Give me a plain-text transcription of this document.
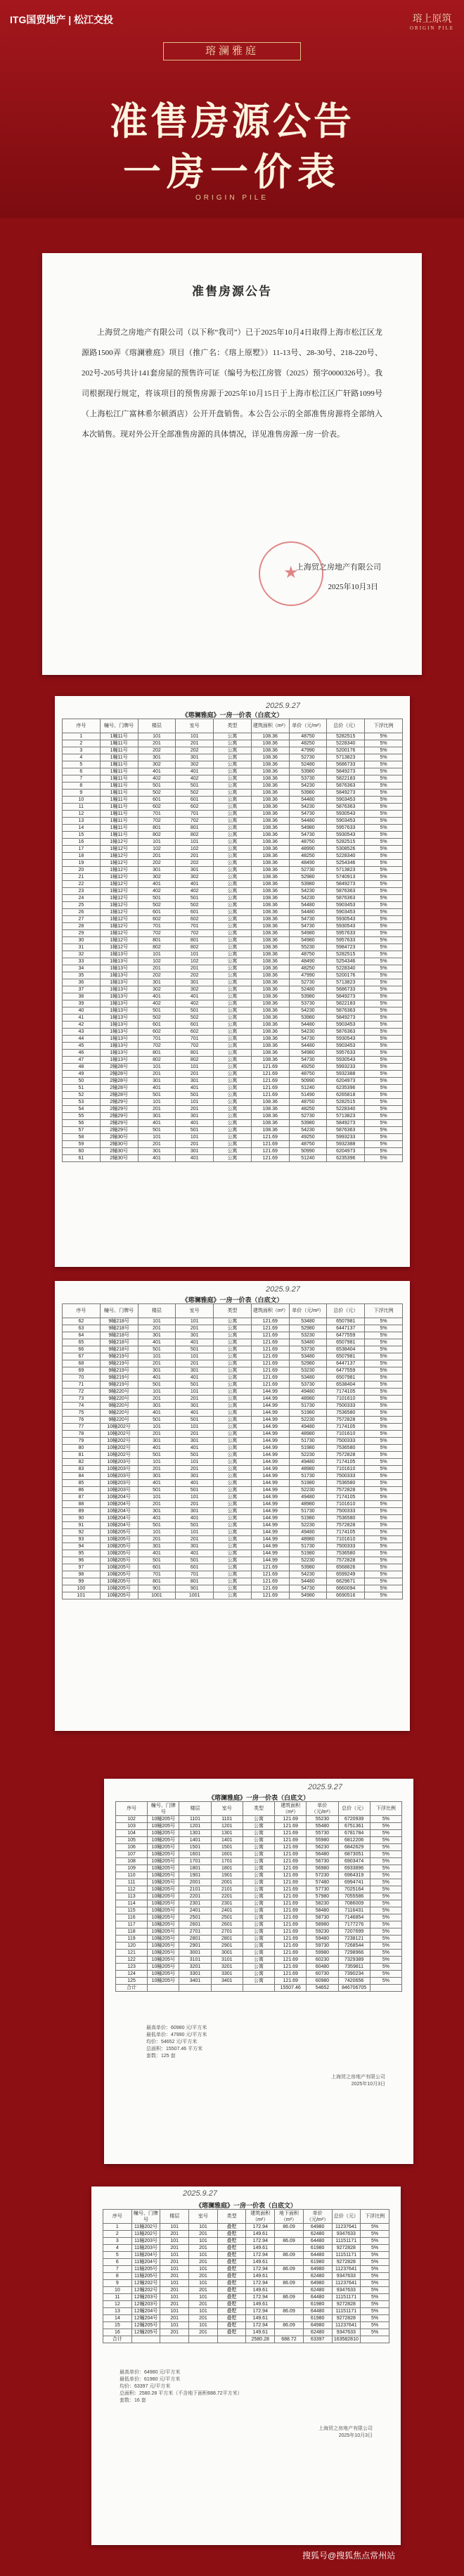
ITG国贸地产 | 松江交投	瑢上原筑
ORIGIN PILE
瑢澜雅庭
准售房源公告
一房一价表
ORIGIN PILE
准售房源公告

上海贸之房地产有限公司（以下称“我司”）已于2025年10月4日取得上海市松江区龙源路1500弄《瑢澜雅庭》项目（推广名：《瑢上原墅》）11-13号、28-30号、218-220号、202号-205号共计141套房屋的预售许可证（编号为松江房管（2025）预字0000326号）。我司根据现行规定，将该项目的预售房源于2025年10月15日于上海市松江区广轩路1099号（上海松江广富林希尔顿酒店）公开开盘销售。本公告公示的全部准售房源将全部纳入本次销售。现对外公开全部准售房源的具体情况，详见准售房源一房一价表。

★
上海贸之房地产有限公司
2025年10月3日
2025.9.27
《瑢澜雅庭》一房一价表（白底文）
序号	幢号、门牌号	楼层	室号	类型	建筑面积（m²）	单价（元/m²）	总价（元）	下浮比例
1	1幢11号	101	101	公寓	108.36	48750	5282515	5%
2	1幢11号	201	201	公寓	108.36	48250	5228340	5%
3	1幢11号	202	202	公寓	108.36	47990	5200176	5%
4	1幢11号	301	301	公寓	108.36	52730	5713823	5%
5	1幢11号	302	302	公寓	108.36	52480	5686733	5%
6	1幢11号	401	401	公寓	108.36	53980	5849273	5%
7	1幢11号	402	402	公寓	108.36	53730	5822183	5%
8	1幢11号	501	501	公寓	108.36	54230	5876363	5%
9	1幢11号	502	502	公寓	108.36	53980	5849273	5%
10	1幢11号	601	601	公寓	108.36	54480	5903453	5%
11	1幢11号	602	602	公寓	108.36	54230	5876363	5%
12	1幢11号	701	701	公寓	108.36	54730	5930543	5%
13	1幢11号	702	702	公寓	108.36	54480	5903453	5%
14	1幢11号	801	801	公寓	108.36	54980	5957633	5%
15	1幢11号	802	802	公寓	108.36	54730	5930543	5%
16	1幢12号	101	101	公寓	108.36	48750	5282515	5%
17	1幢12号	102	102	公寓	108.36	48990	5308526	5%
18	1幢12号	201	201	公寓	108.36	48250	5228340	5%
19	1幢12号	202	202	公寓	108.36	48490	5254346	5%
20	1幢12号	301	301	公寓	108.36	52730	5713823	5%
21	1幢12号	302	302	公寓	108.36	52980	5740913	5%
22	1幢12号	401	401	公寓	108.36	53980	5849273	5%
23	1幢12号	402	402	公寓	108.36	54230	5876363	5%
24	1幢12号	501	501	公寓	108.36	54230	5876363	5%
25	1幢12号	502	502	公寓	108.36	54480	5903453	5%
26	1幢12号	601	601	公寓	108.36	54480	5903453	5%
27	1幢12号	602	602	公寓	108.36	54730	5930543	5%
28	1幢12号	701	701	公寓	108.36	54730	5930543	5%
29	1幢12号	702	702	公寓	108.36	54980	5957633	5%
30	1幢12号	801	801	公寓	108.36	54980	5957633	5%
31	1幢12号	802	802	公寓	108.36	55230	5984723	5%
32	1幢13号	101	101	公寓	108.36	48750	5282515	5%
33	1幢13号	102	102	公寓	108.36	48490	5254346	5%
34	1幢13号	201	201	公寓	108.36	48250	5228340	5%
35	1幢13号	202	202	公寓	108.36	47990	5200176	5%
36	1幢13号	301	301	公寓	108.36	52730	5713823	5%
37	1幢13号	302	302	公寓	108.36	52480	5686733	5%
38	1幢13号	401	401	公寓	108.36	53980	5849273	5%
39	1幢13号	402	402	公寓	108.36	53730	5822183	5%
40	1幢13号	501	501	公寓	108.36	54230	5876363	5%
41	1幢13号	502	502	公寓	108.36	53980	5849273	5%
42	1幢13号	601	601	公寓	108.36	54480	5903453	5%
43	1幢13号	602	602	公寓	108.36	54230	5876363	5%
44	1幢13号	701	701	公寓	108.36	54730	5930543	5%
45	1幢13号	702	702	公寓	108.36	54480	5903453	5%
46	1幢13号	801	801	公寓	108.36	54980	5957633	5%
47	1幢13号	802	802	公寓	108.36	54730	5930543	5%
48	2幢28号	101	101	公寓	121.69	49250	5993233	5%
49	2幢28号	201	201	公寓	121.69	48750	5932388	5%
50	2幢28号	301	301	公寓	121.69	50990	6204973	5%
51	2幢28号	401	401	公寓	121.69	51240	6235396	5%
52	2幢28号	501	501	公寓	121.69	51490	6265818	5%
53	2幢29号	101	101	公寓	108.36	48750	5282515	5%
54	2幢29号	201	201	公寓	108.36	48250	5228340	5%
55	2幢29号	301	301	公寓	108.36	52730	5713823	5%
56	2幢29号	401	401	公寓	108.36	53980	5849273	5%
57	2幢29号	501	501	公寓	108.36	54230	5876363	5%
58	2幢30号	101	101	公寓	121.69	49250	5993233	5%
59	2幢30号	201	201	公寓	121.69	48750	5932388	5%
60	2幢30号	301	301	公寓	121.69	50990	6204973	5%
61	2幢30号	401	401	公寓	121.69	51240	6235396	5%
2025.9.27
《瑢澜雅庭》一房一价表（白底文）
序号	幢号、门牌号	楼层	室号	类型	建筑面积（m²）	单价（元/m²）	总价（元）	下浮比例
62	9幢218号	101	101	公寓	121.69	53480	6507981	5%
63	9幢218号	201	201	公寓	121.69	52980	6447137	5%
64	9幢218号	301	301	公寓	121.69	53230	6477559	5%
65	9幢218号	401	401	公寓	121.69	53480	6507981	5%
66	9幢218号	501	501	公寓	121.69	53730	6538404	5%
67	9幢219号	101	101	公寓	121.69	53480	6507981	5%
68	9幢219号	201	201	公寓	121.69	52980	6447137	5%
69	9幢219号	301	301	公寓	121.69	53230	6477559	5%
70	9幢219号	401	401	公寓	121.69	53480	6507981	5%
71	9幢219号	501	501	公寓	121.69	53730	6538404	5%
72	9幢220号	101	101	公寓	144.99	49480	7174105	5%
73	9幢220号	201	201	公寓	144.99	48980	7101610	5%
74	9幢220号	301	301	公寓	144.99	51730	7500333	5%
75	9幢220号	401	401	公寓	144.99	51980	7536580	5%
76	9幢220号	501	501	公寓	144.99	52230	7572828	5%
77	10幢202号	101	101	公寓	144.99	49480	7174105	5%
78	10幢202号	201	201	公寓	144.99	48980	7101610	5%
79	10幢202号	301	301	公寓	144.99	51730	7500333	5%
80	10幢202号	401	401	公寓	144.99	51980	7536580	5%
81	10幢202号	501	501	公寓	144.99	52230	7572828	5%
82	10幢203号	101	101	公寓	144.99	49480	7174105	5%
83	10幢203号	201	201	公寓	144.99	48980	7101610	5%
84	10幢203号	301	301	公寓	144.99	51730	7500333	5%
85	10幢203号	401	401	公寓	144.99	51980	7536580	5%
86	10幢203号	501	501	公寓	144.99	52230	7572828	5%
87	10幢204号	101	101	公寓	144.99	49480	7174105	5%
88	10幢204号	201	201	公寓	144.99	48980	7101610	5%
89	10幢204号	301	301	公寓	144.99	51730	7500333	5%
90	10幢204号	401	401	公寓	144.99	51980	7536580	5%
91	10幢204号	501	501	公寓	144.99	52230	7572828	5%
92	10幢205号	101	101	公寓	144.99	49480	7174105	5%
93	10幢205号	201	201	公寓	144.99	48980	7101610	5%
94	10幢205号	301	301	公寓	144.99	51730	7500333	5%
95	10幢205号	401	401	公寓	144.99	51980	7536580	5%
96	10幢205号	501	501	公寓	144.99	52230	7572828	5%
97	10幢205号	601	601	公寓	121.69	53980	6568826	5%
98	10幢205号	701	701	公寓	121.69	54230	6599249	5%
99	10幢205号	801	801	公寓	121.69	54480	6629671	5%
100	10幢205号	901	901	公寓	121.69	54730	6660094	5%
101	10幢205号	1001	1001	公寓	121.69	54980	6690516	5%
2025.9.27
《瑢澜雅庭》一房一价表（白底文）
序号	幢号、门牌号	楼层	室号	类型	建筑面积（m²）	单价（元/m²）	总价（元）	下浮比例
102	10幢205号	1101	1101	公寓	121.69	55230	6720939	5%
103	10幢205号	1201	1201	公寓	121.69	55480	6751361	5%
104	10幢205号	1301	1301	公寓	121.69	55730	6781784	5%
105	10幢205号	1401	1401	公寓	121.69	55980	6812206	5%
106	10幢205号	1501	1501	公寓	121.69	56230	6842629	5%
107	10幢205号	1601	1601	公寓	121.69	56480	6873051	5%
108	10幢205号	1701	1701	公寓	121.69	56730	6903474	5%
109	10幢205号	1801	1801	公寓	121.69	56980	6933896	5%
110	10幢205号	1901	1901	公寓	121.69	57230	6964319	5%
111	10幢205号	2001	2001	公寓	121.69	57480	6994741	5%
112	10幢205号	2101	2101	公寓	121.69	57730	7025164	5%
113	10幢205号	2201	2201	公寓	121.69	57980	7055586	5%
114	10幢205号	2301	2301	公寓	121.69	58230	7086009	5%
115	10幢205号	2401	2401	公寓	121.69	58480	7116431	5%
116	10幢205号	2501	2501	公寓	121.69	58730	7146854	5%
117	10幢205号	2601	2601	公寓	121.69	58980	7177276	5%
118	10幢205号	2701	2701	公寓	121.69	59230	7207699	5%
119	10幢205号	2801	2801	公寓	121.69	59480	7238121	5%
120	10幢205号	2901	2901	公寓	121.69	59730	7268544	5%
121	10幢205号	3001	3001	公寓	121.69	59980	7298966	5%
122	10幢205号	3101	3101	公寓	121.69	60230	7329389	5%
123	10幢205号	3201	3201	公寓	121.69	60480	7359811	5%
124	10幢205号	3301	3301	公寓	121.69	60730	7390234	5%
125	10幢205号	3401	3401	公寓	121.69	60980	7420656	5%
合计					15507.46	54652	846706705	
最高单价：60980 元/平方米
最低单价：47990 元/平方米
均价：54652 元/平方米
总面积：15507.46 平方米
套数：125 套
上海贸之房地产有限公司
2025年10月3日
2025.9.27
《瑢澜雅庭》一房一价表（白底文）
序号	幢号、门牌号	楼层	室号	类型	建筑面积（m²）	地下面积（m²）	单价（元/m²）	总价（元）	下浮比例
1	11幢202号	101	101	叠墅	172.94	86.09	64980	11237641	5%
2	11幢202号	201	201	叠墅	149.61		62480	9347633	5%
3	11幢203号	101	101	叠墅	172.94	86.09	64480	11151171	5%
4	11幢203号	201	201	叠墅	149.61		61980	9272828	5%
5	11幢204号	101	101	叠墅	172.94	86.09	64480	11151171	5%
6	11幢204号	201	201	叠墅	149.61		61980	9272828	5%
7	11幢205号	101	101	叠墅	172.94	86.09	64980	11237641	5%
8	11幢205号	201	201	叠墅	149.61		62480	9347633	5%
9	12幢202号	101	101	叠墅	172.94	86.09	64980	11237641	5%
10	12幢202号	201	201	叠墅	149.61		62480	9347633	5%
11	12幢203号	101	101	叠墅	172.94	86.09	64480	11151171	5%
12	12幢203号	201	201	叠墅	149.61		61980	9272828	5%
13	12幢204号	101	101	叠墅	172.94	86.09	64480	11151171	5%
14	12幢204号	201	201	叠墅	149.61		61980	9272828	5%
15	12幢205号	101	101	叠墅	172.94	86.09	64980	11237641	5%
16	12幢205号	201	201	叠墅	149.61		62480	9347633	5%
合计					2580.28	688.72	63397	163582810	
最高单价：64980 元/平方米
最低单价：61980 元/平方米
均价：63397 元/平方米
总面积：2580.28 平方米（不含地下面积688.72平方米）
套数：16 套
上海贸之房地产有限公司
2025年10月3日
搜狐号@搜狐焦点常州站
